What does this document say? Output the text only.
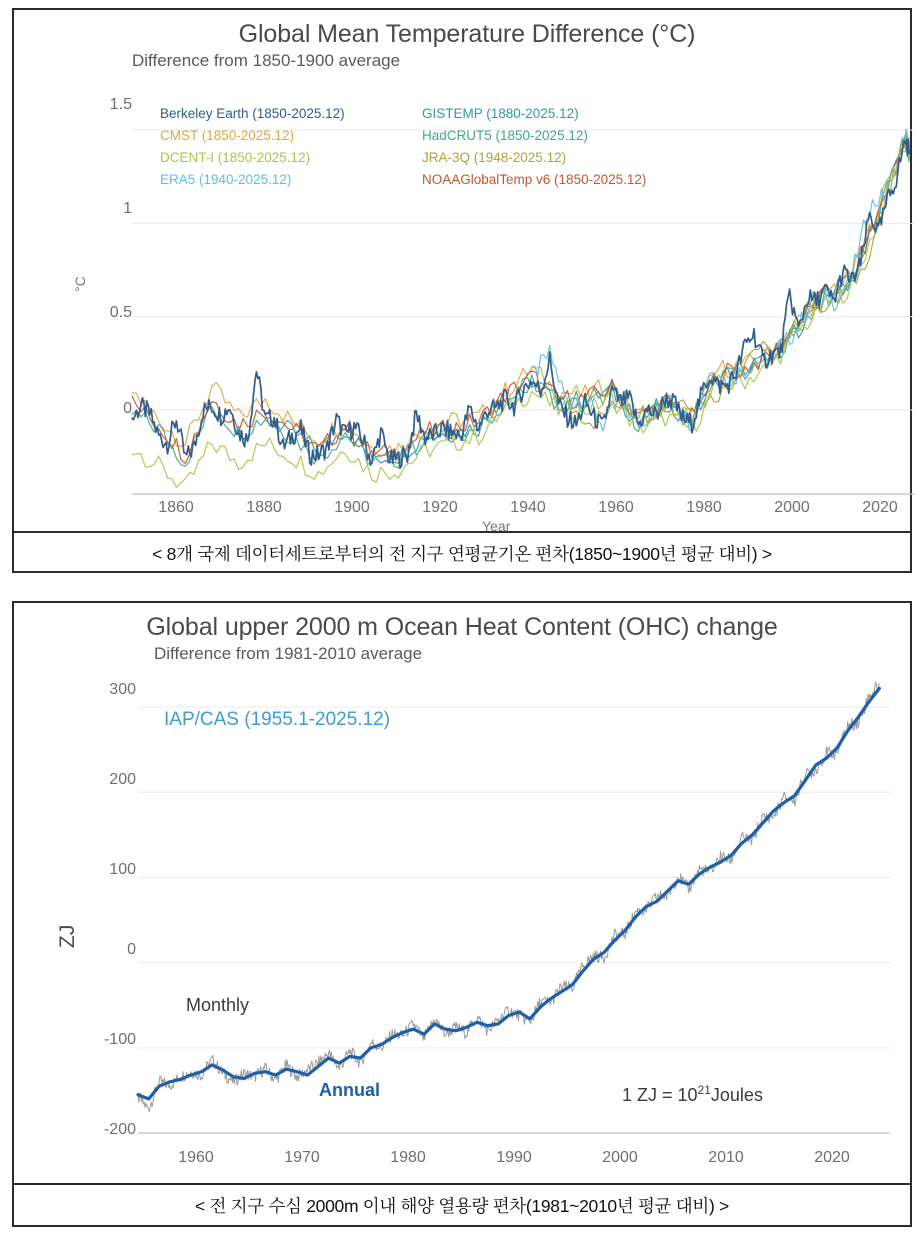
Global Mean Temperature Difference (°C)
Difference from 1850-1900 average
Berkeley Earth (1850-2025.12)	GISTEMP (1880-2025.12)
CMST (1850-2025.12)	HadCRUT5 (1850-2025.12)
DCENT-I (1850-2025.12)	JRA-3Q (1948-2025.12)
ERA5 (1940-2025.12)	NOAAGlobalTemp v6 (1850-2025.12)
1.5
1
0.5
0
°C
1860	1880	1900	1920	1940	1960	1980	2000	2020
Year
< 8개 국제 데이터세트로부터의 전 지구 연평균기온 편차(1850~1900년 평균 대비) >
Global upper 2000 m Ocean Heat Content (OHC) change
Difference from 1981-2010 average
IAP/CAS (1955.1-2025.12)
300
200
100
0
-100
-200
ZJ
1960	1970	1980	1990	2000	2010	2020
Monthly
Annual	1 ZJ = $10^{21}Joules$
< 전 지구 수심 2000m 이내 해양 열용량 편차(1981~2010년 평균 대비) >
